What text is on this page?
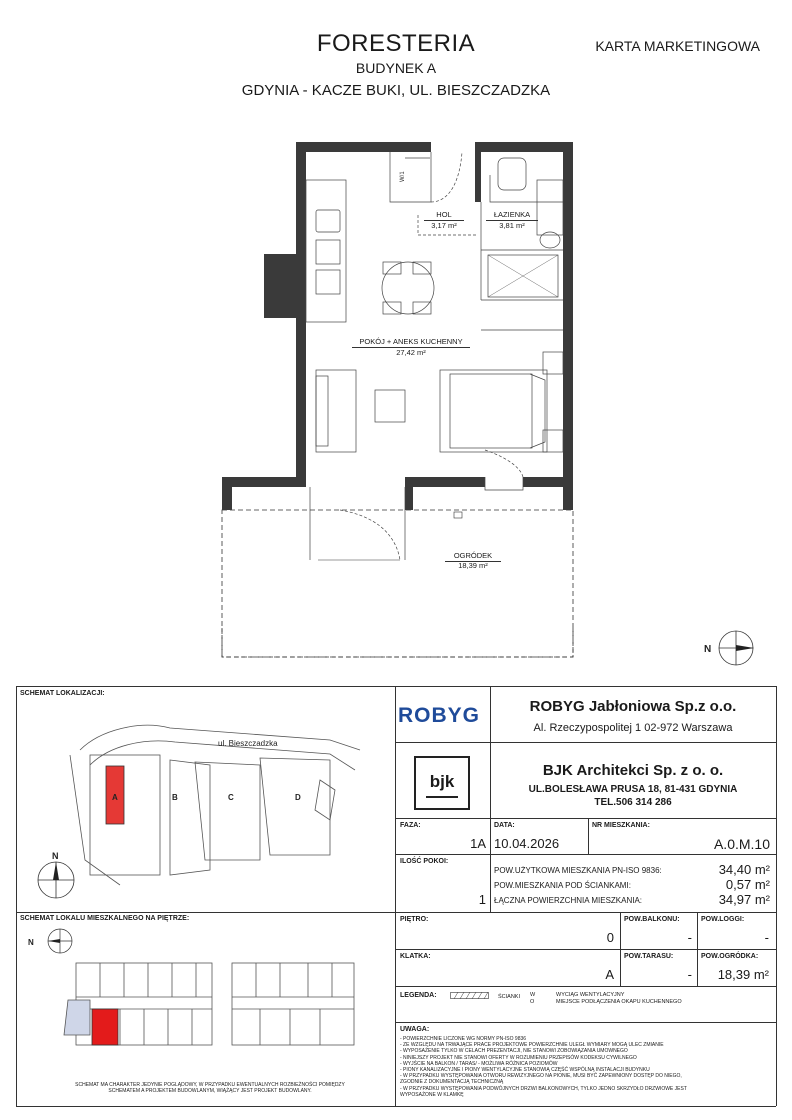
FORESTERIA
BUDYNEK A
GDYNIA - KACZE BUKI, UL. BIESZCZADZKA
KARTA MARKETINGOWA
W/1
N
HOL
3,17 m²
ŁAZIENKA
3,81 m²
POKÓJ + ANEKS KUCHENNY
27,42 m²
OGRÓDEK
18,39 m²
SCHEMAT LOKALIZACJI:
ul. Bieszczadzka
A	B	C	D
N
SCHEMAT LOKALU MIESZKALNEGO NA PIĘTRZE:
N
SCHEMAT MA CHARAKTER JEDYNIE POGLĄDOWY, W PRZYPADKU EWENTUALNYCH ROZBIEŻNOŚCI POMIĘDZY SCHEMATEM A PROJEKTEM BUDOWLANYM, WIĄŻĄCY JEST PROJEKT BUDOWLANY.
ROBYG	ROBYG Jabłoniowa Sp.z o.o.
Al. Rzeczypospolitej 1 02-972 Warszawa
bjk
BJK Architekci Sp. z o. o.
UL.BOLESŁAWA PRUSA 18, 81-431 GDYNIA
TEL.506 314 286
FAZA:
1A
DATA:
10.04.2026
NR MIESZKANIA:
A.0.M.10
ILOŚĆ POKOI:
1
POW.UŻYTKOWA MIESZKANIA PN-ISO 9836:	34,40 m²
POW.MIESZKANIA POD ŚCIANKAMI:	0,57 m²
ŁĄCZNA POWIERZCHNIA MIESZKANIA:	34,97 m²
PIĘTRO:
0
POW.BALKONU:
-
POW.LOGGI:
-
KLATKA:
A
POW.TARASU:
-
POW.OGRÓDKA:
18,39 m²
LEGENDA:	ŚCIANKI W	WYCIĄG WENTYLACYJNY
O	MIEJSCE PODŁĄCZENIA OKAPU KUCHENNEGO
UWAGA:
- POWIERZCHNIE LICZONE WG NORMY PN-ISO 9836
- ZE WZGLĘDU NA TRWAJĄCE PRACE PROJEKTOWE POWIERZCHNIE ULEGŁ WYMIARY MOGĄ ULEC ZMIANIE
- WYPOSAŻENIE TYLKO W CELACH PREZENTACJI, NIE STANOWI ZOBOWIĄZANIA UMOWNEGO
- NINIEJSZY PROJEKT NIE STANOWI OFERTY W ROZUMIENIU PRZEPISÓW KODEKSU CYWILNEGO
- WYJŚCIE NA BALKON / TARAS/ - MOŻLIWA RÓŻNICA POZIOMÓW
- PIONY KANALIZACYJNE I PIONY WENTYLACYJNE STANOWIĄ CZĘŚĆ WSPÓLNĄ INSTALACJI BUDYNKU
- W PRZYPADKU WYSTĘPOWANIA OTWORU REWIZYJNEGO NA PIONIE, MUSI BYĆ ZAPEWNIONY DOSTĘP DO NIEGO, ZGODNIE Z DOKUMENTACJĄ TECHNICZNĄ
- W PRZYPADKU WYSTĘPOWANIA PODWÓJNYCH DRZWI BALKONOWYCH, TYLKO JEDNO SKRZYDŁO DRZWIOWE JEST WYPOSAŻONE W KLAMKĘ
